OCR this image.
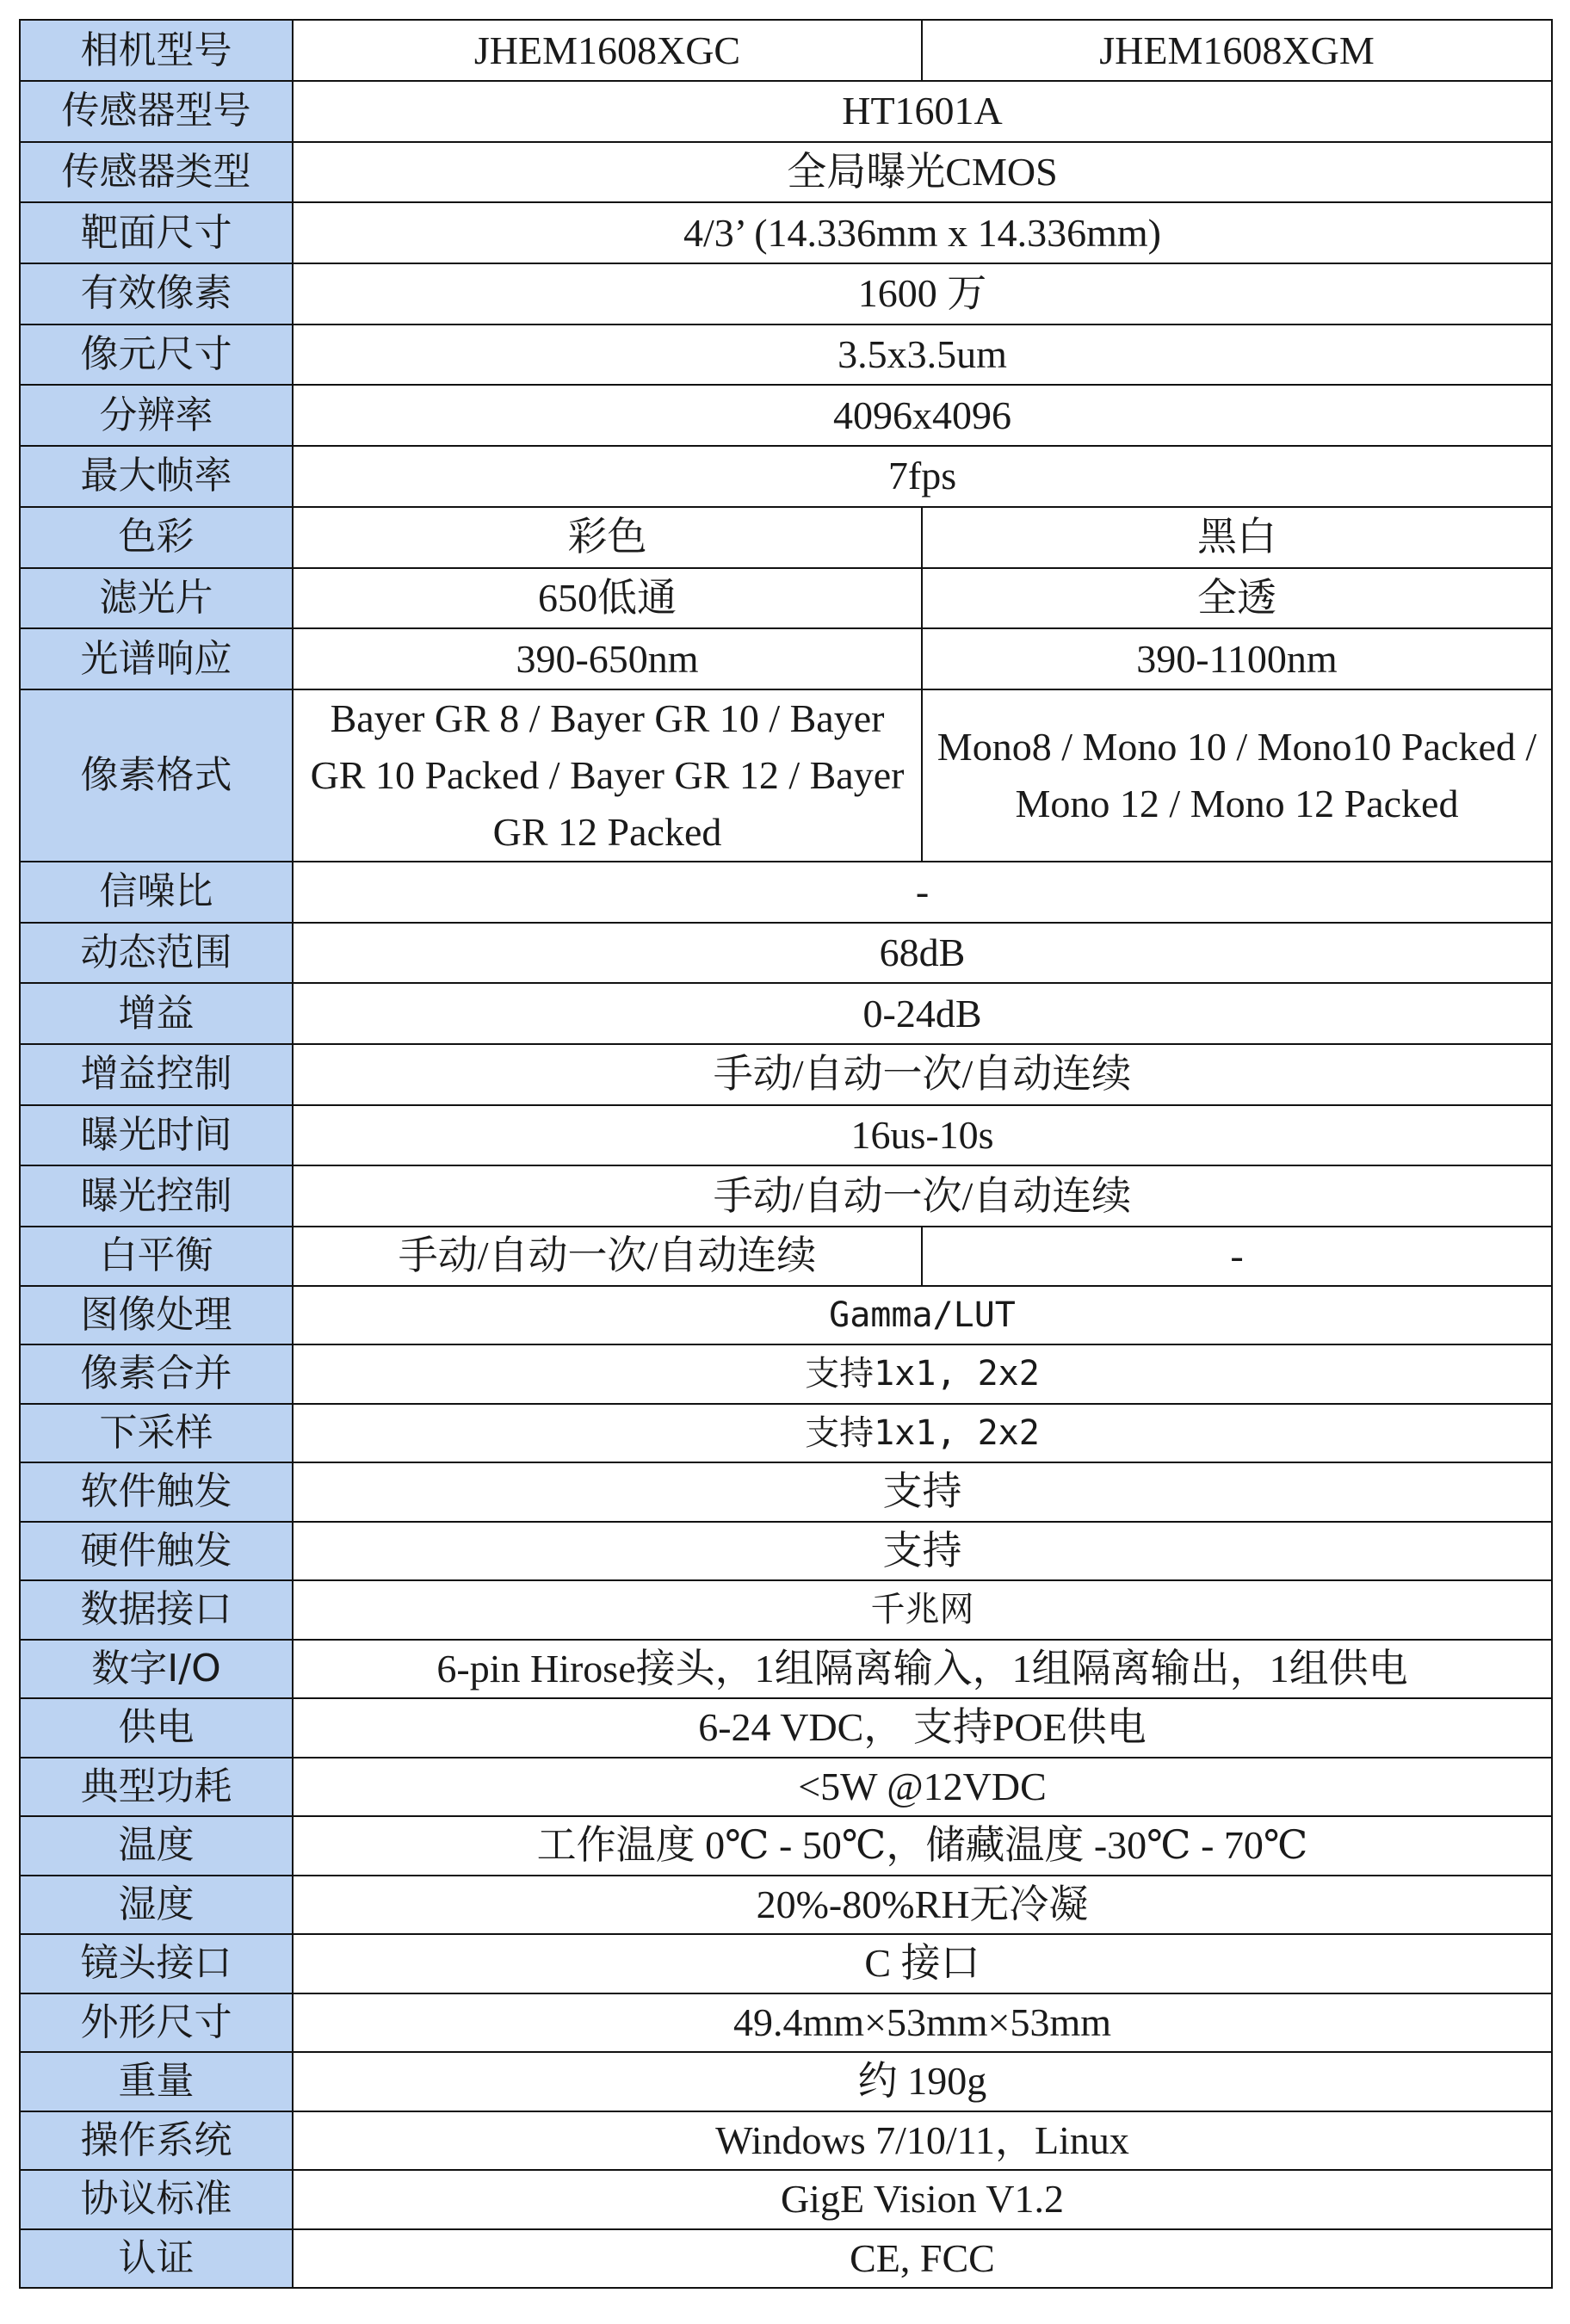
相机型号	JHEM1608XGC	JHEM1608XGM
传感器型号	HT1601A	
传感器类型	全局曝光CMOS	
靶面尺寸	4/3’ (14.336mm x 14.336mm)	
有效像素	1600 万	
像元尺寸	3.5x3.5um	
分辨率	4096x4096	
最大帧率	7fps	
色彩	彩色	黑白
滤光片	650低通	全透
光谱响应	390-650nm	390-1100nm
像素格式	Bayer GR 8 / Bayer GR 10 / Bayer GR 10 Packed / Bayer GR 12 / Bayer GR 12 Packed	Mono8 / Mono 10 / Mono10 Packed / Mono 12 / Mono 12 Packed
信噪比	-	
动态范围	68dB	
增益	0-24dB	
增益控制	手动/自动一次/自动连续	
曝光时间	16us-10s	
曝光控制	手动/自动一次/自动连续	
白平衡	手动/自动一次/自动连续	-
图像处理	Gamma/LUT	
像素合并	支持1x1, 2x2	
下采样	支持1x1, 2x2	
软件触发	支持	
硬件触发	支持	
数据接口	千兆网	
数字I/O	6-pin Hirose接头，1组隔离输入，1组隔离输出，1组供电	
供电	6-24 VDC， 支持POE供电	
典型功耗	<5W @12VDC	
温度	工作温度 0℃ - 50℃，储藏温度 -30℃ - 70℃	
湿度	20%-80%RH无冷凝	
镜头接口	C 接口	
外形尺寸	49.4mm×53mm×53mm	
重量	约 190g	
操作系统	Windows 7/10/11，Linux	
协议标准	GigE Vision V1.2	
认证	CE, FCC	
